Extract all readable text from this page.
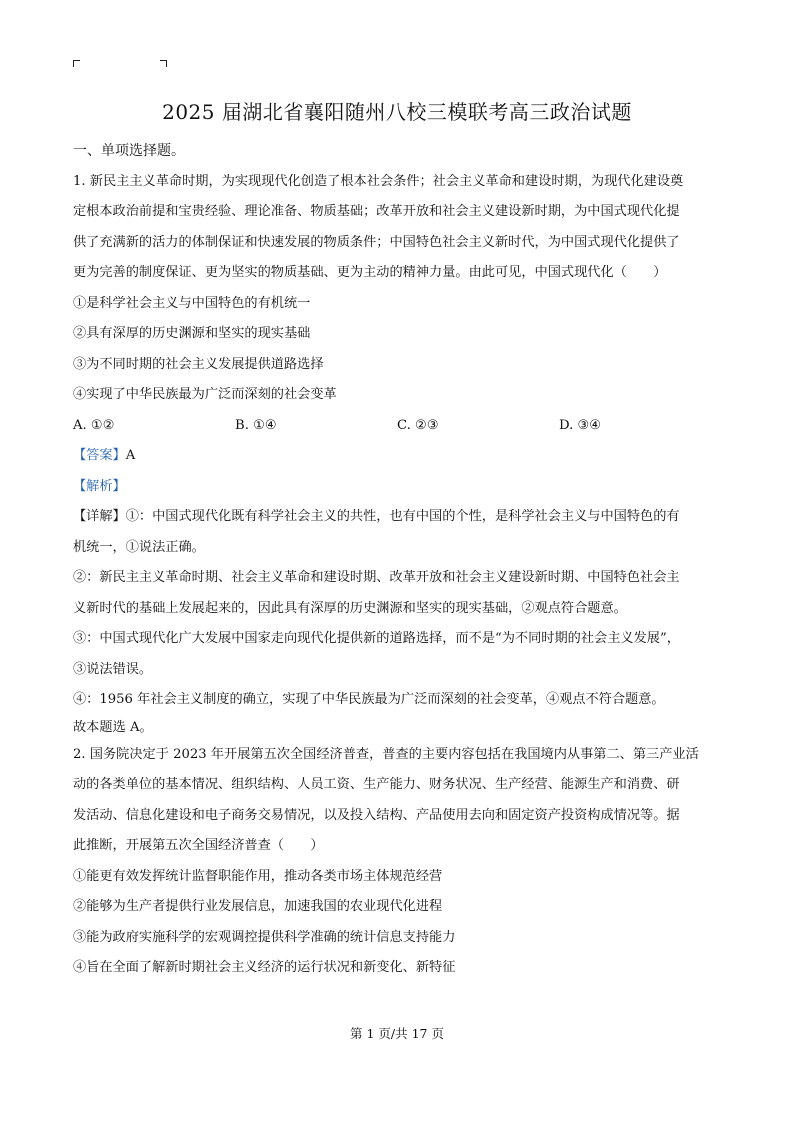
2025 届湖北省襄阳随州八校三模联考高三政治试题

一、单项选择题。

1. 新民主主义革命时期，为实现现代化创造了根本社会条件；社会主义革命和建设时期，为现代化建设奠

定根本政治前提和宝贵经验、理论准备、物质基础；改革开放和社会主义建设新时期，为中国式现代化提

供了充满新的活力的体制保证和快速发展的物质条件；中国特色社会主义新时代，为中国式现代化提供了

更为完善的制度保证、更为坚实的物质基础、更为主动的精神力量。由此可见，中国式现代化（　　）

①是科学社会主义与中国特色的有机统一

②具有深厚的历史渊源和坚实的现实基础

③为不同时期的社会主义发展提供道路选择

④实现了中华民族最为广泛而深刻的社会变革

A. ①②	B. ①④	C. ②③	D. ③④

【答案】A

【解析】

【详解】①：中国式现代化既有科学社会主义的共性，也有中国的个性，是科学社会主义与中国特色的有

机统一，①说法正确。

②：新民主主义革命时期、社会主义革命和建设时期、改革开放和社会主义建设新时期、中国特色社会主

义新时代的基础上发展起来的，因此具有深厚的历史渊源和坚实的现实基础，②观点符合题意。

③：中国式现代化广大发展中国家走向现代化提供新的道路选择，而不是“为不同时期的社会主义发展”，

③说法错误。

④：1956 年社会主义制度的确立，实现了中华民族最为广泛而深刻的社会变革，④观点不符合题意。

故本题选 A。

2. 国务院决定于 2023 年开展第五次全国经济普查，普查的主要内容包括在我国境内从事第二、第三产业活

动的各类单位的基本情况、组织结构、人员工资、生产能力、财务状况、生产经营、能源生产和消费、研

发活动、信息化建设和电子商务交易情况，以及投入结构、产品使用去向和固定资产投资构成情况等。据

此推断，开展第五次全国经济普查（　　）

①能更有效发挥统计监督职能作用，推动各类市场主体规范经营

②能够为生产者提供行业发展信息，加速我国的农业现代化进程

③能为政府实施科学的宏观调控提供科学准确的统计信息支持能力

④旨在全面了解新时期社会主义经济的运行状况和新变化、新特征

第 1 页/共 17 页
